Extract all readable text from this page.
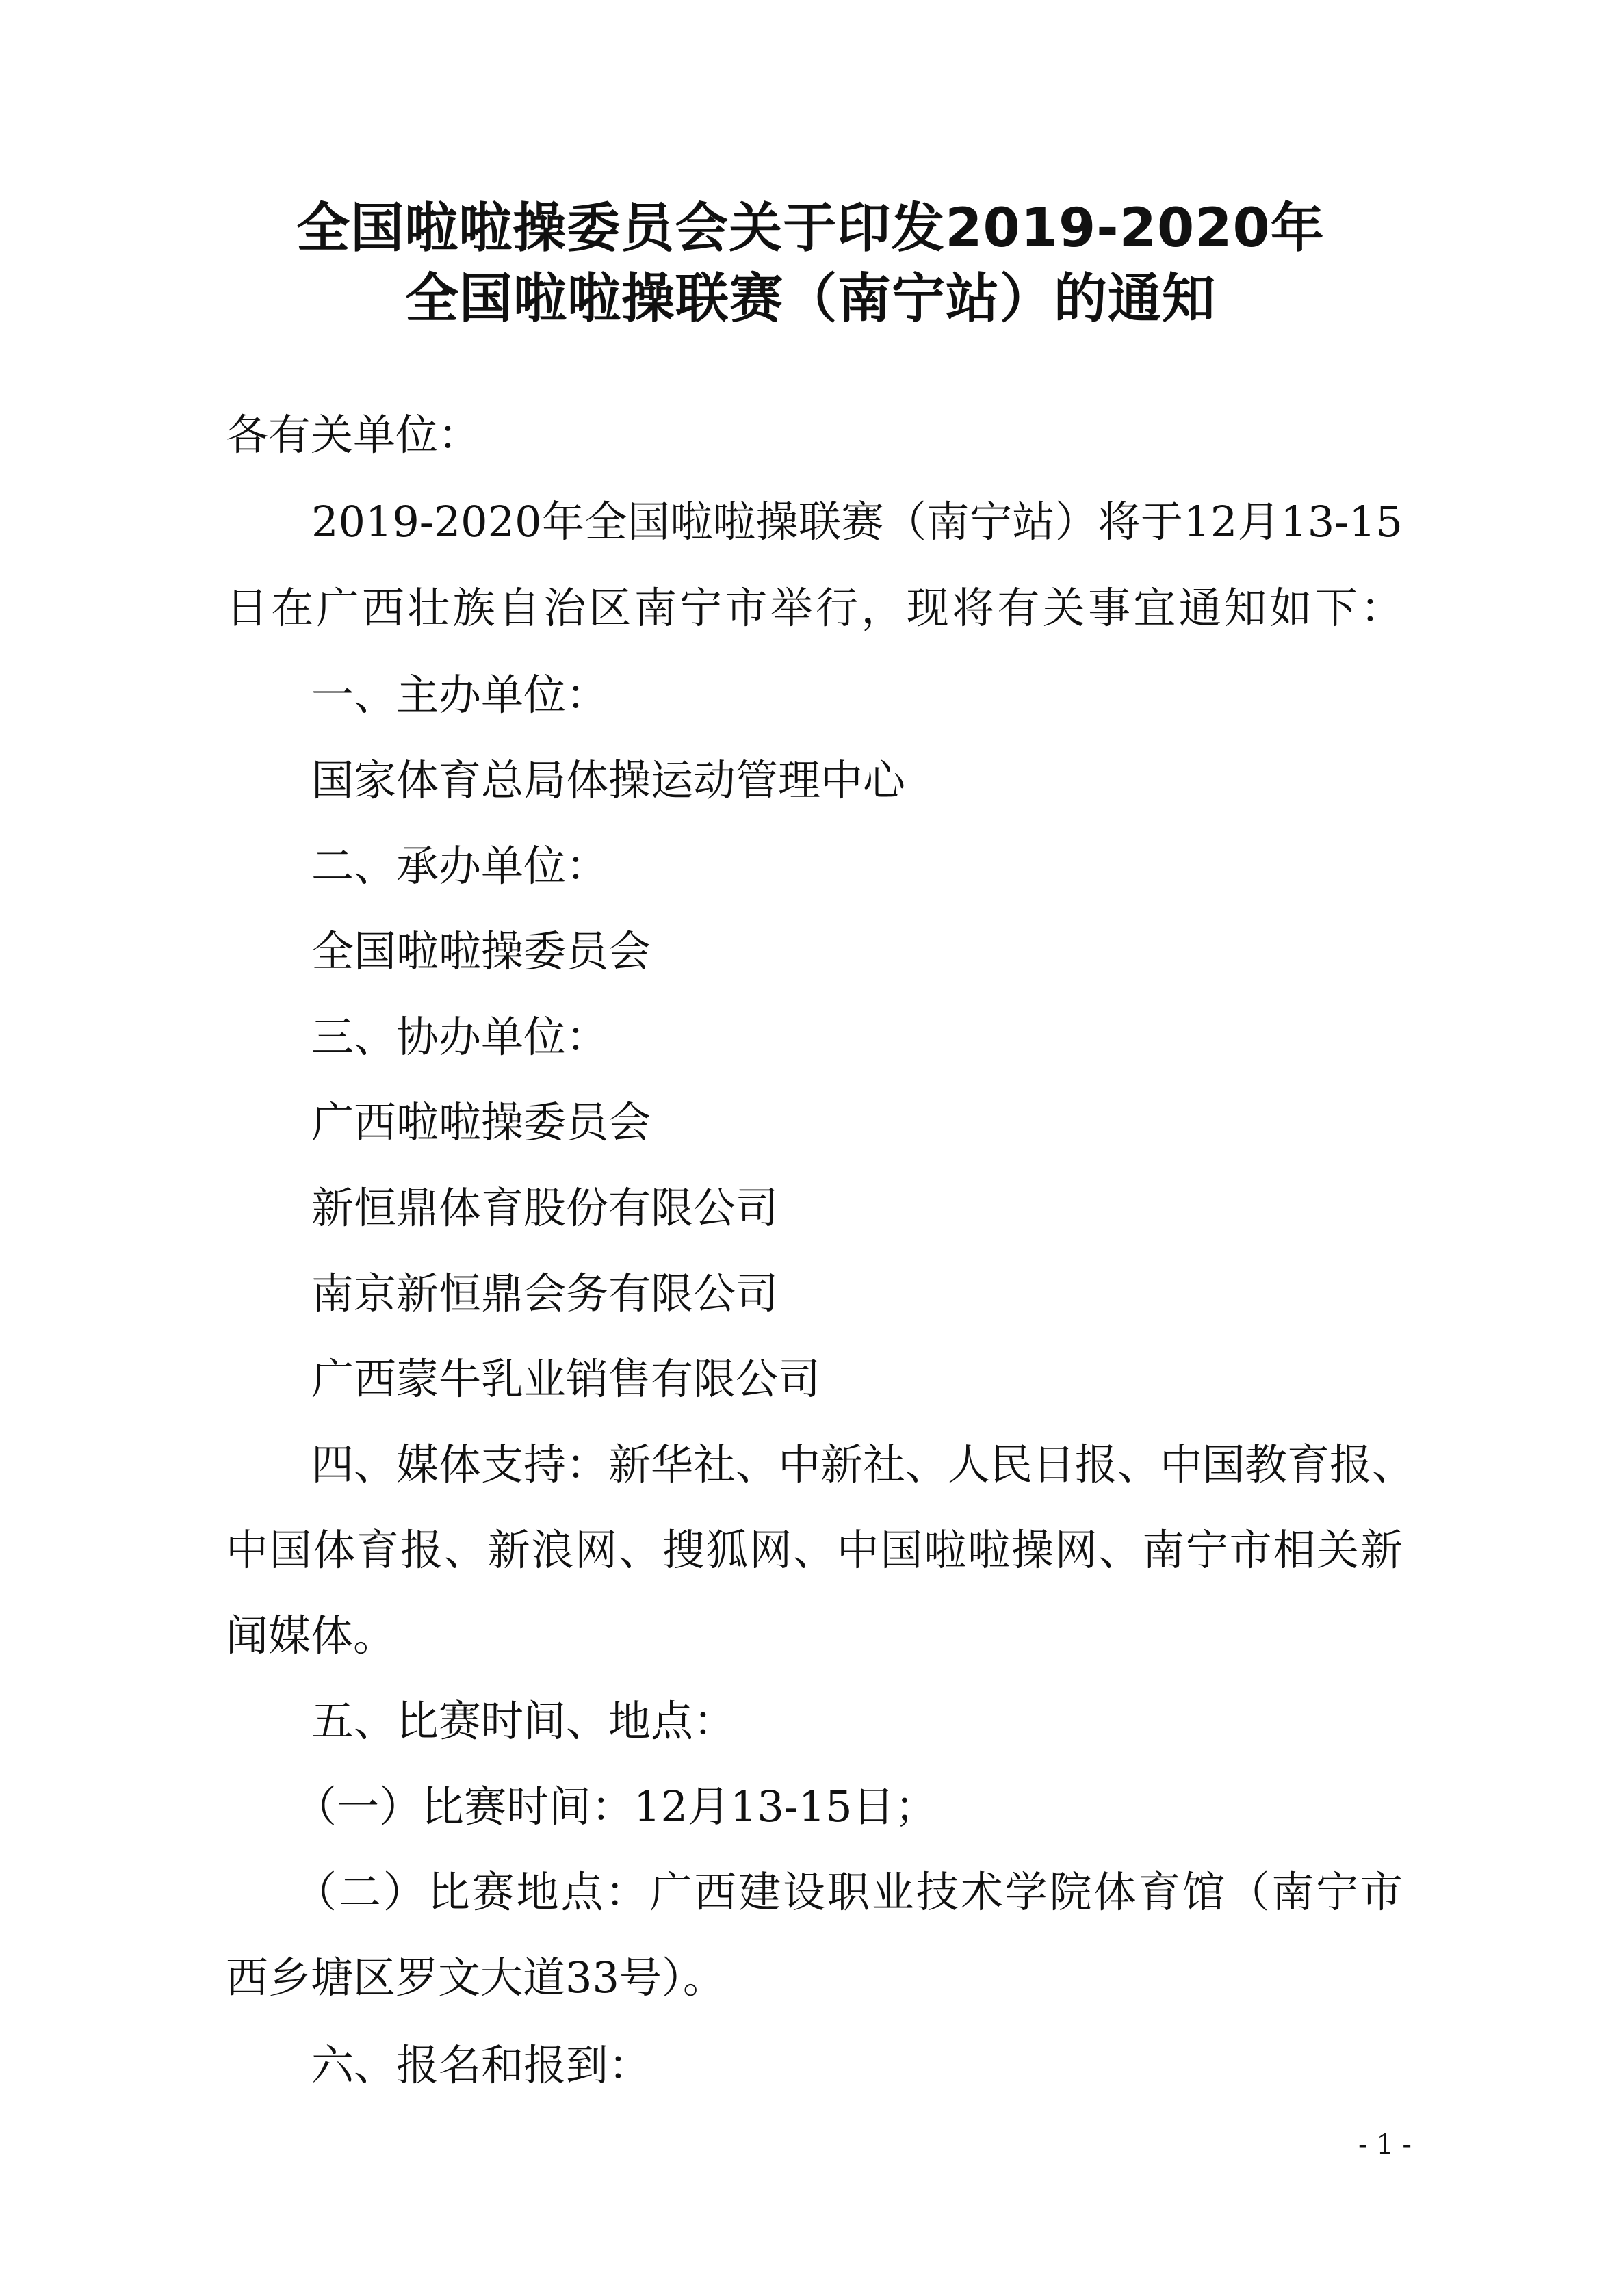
全国啦啦操委员会关于印发2019-2020年
全国啦啦操联赛（南宁站）的通知
各有关单位：
2019-2020年全国啦啦操联赛（南宁站）将于12月13-15
日在广西壮族自治区南宁市举行，现将有关事宜通知如下：
一、主办单位：
国家体育总局体操运动管理中心
二、承办单位：
全国啦啦操委员会
三、协办单位：
广西啦啦操委员会
新恒鼎体育股份有限公司
南京新恒鼎会务有限公司
广西蒙牛乳业销售有限公司
四、媒体支持：新华社、中新社、人民日报、中国教育报、
中国体育报、新浪网、搜狐网、中国啦啦操网、南宁市相关新
闻媒体。
五、比赛时间、地点：
（一）比赛时间：12月13-15日；
（二）比赛地点：广西建设职业技术学院体育馆（南宁市
西乡塘区罗文大道33号）。
六、报名和报到：
- 1 -
